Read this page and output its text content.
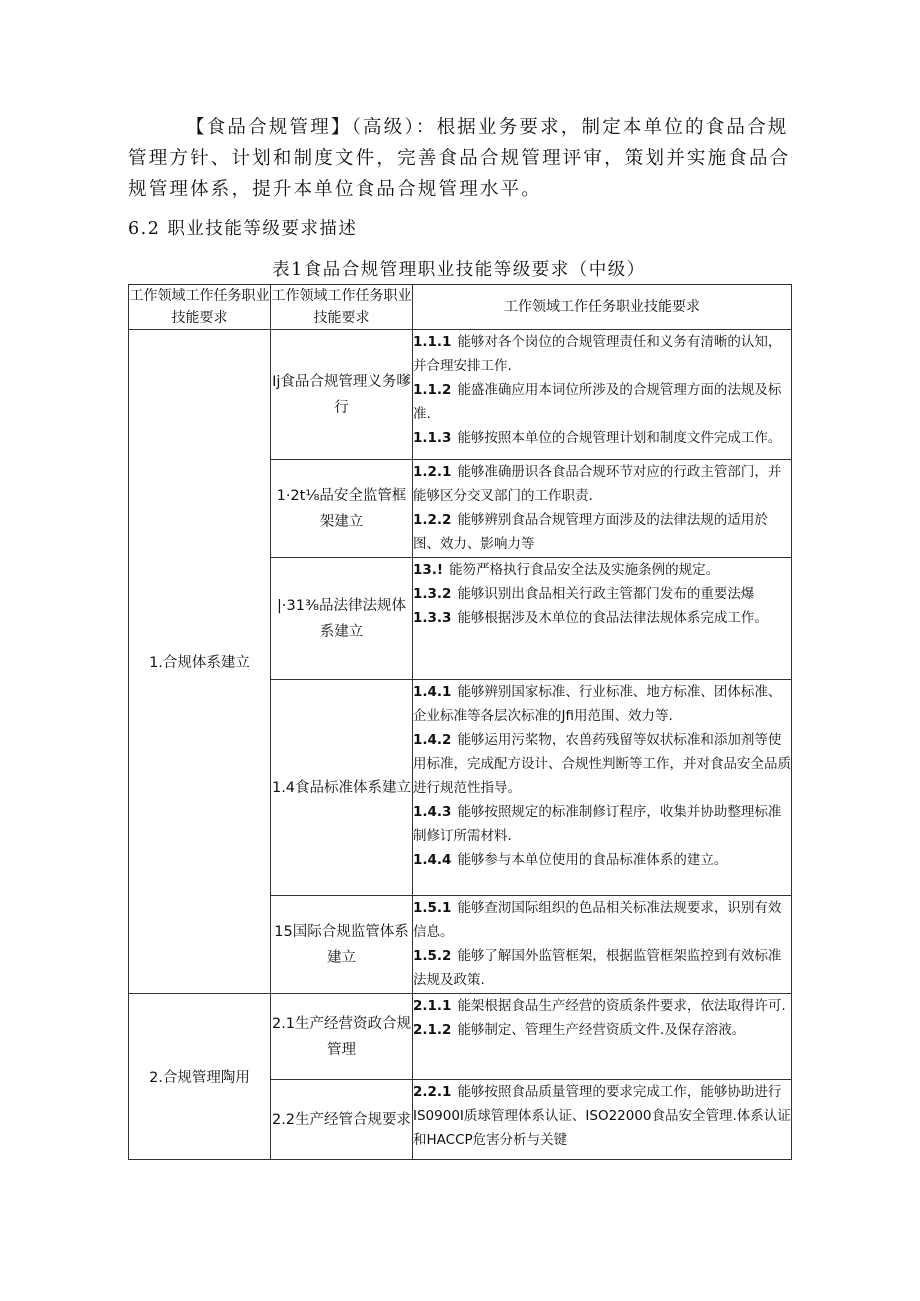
【食品合规管理】（高级）：根据业务要求，制定本单位的食品合规管理方针、计划和制度文件，完善食品合规管理评审，策划并实施食品合规管理体系，提升本单位食品合规管理水平。

6.2 职业技能等级要求描述

表1食品合规管理职业技能等级要求（中级）

工作领域工作任务职业技能要求	工作领域工作任务职业技能要求	工作领域工作任务职业技能要求
1.合规体系建立	Ij食品合规管理义务嗲行	1.1.1 能够对各个岗位的合规管理责任和义务有清晰的认知，并合理安排工作.

1.1.2 能盛准确应用本词位所涉及的合规管理方面的法规及标准.

1.1.3 能够按照本单位的合规管理计划和制度文件完成工作。

	1·2t⅛品安全监管框架建立	1.2.1 能够准确册识各食品合规环节对应的行政主管部门，并能够区分交叉部门的工作职责.

1.2.2 能够辨别食品合规管理方面涉及的法律法规的适用於图、效力、影响力等

	|·31⅜品法律法规体系建立	13.! 能笏严格执行食品安全法及实施条例的规定。

1.3.2 能够识别出食品相关行政主管都门发布的重要法爆

1.3.3 能够根据涉及木单位的食品法律法规体系完成工作。

	1.4食品标准体系建立	1.4.1 能够辨别国家标准、行业标准、地方标准、团体标准、企业标准等各层次标准的Jfi用范围、效力等.

1.4.2 能够运用污桨物，农兽药残留等奴状标准和添加剂等使用标准，完成配方设计、合规性判断等工作，并对食品安全品质进行规范性指导。

1.4.3 能够按照规定的标准制修订程序，收集并协助整理标准制修订所需材料.

1.4.4 能够参与本单位使用的食品标准体系的建立。

	15国际合规监管体系建立	1.5.1 能够查沏国际组织的色品相关标准法规要求，识别有效信息。

1.5.2 能够了解国外监管框架，根据监管框架监控到有效标准法规及政策.

2.合规管理陶用	2.1生产经营资政合规管理	2.1.1 能架根据食品生产经营的资质条件要求，依法取得许可.

2.1.2 能够制定、管理生产经营资质文件.及保存溶液。

	2.2生产经管合规要求	2.2.1 能够按照食品质量管理的要求完成工作，能够协助进行IS0900I质球管理体系认证、ISO22000食品安全管理.体系认证和HACCP危害分析与关键
